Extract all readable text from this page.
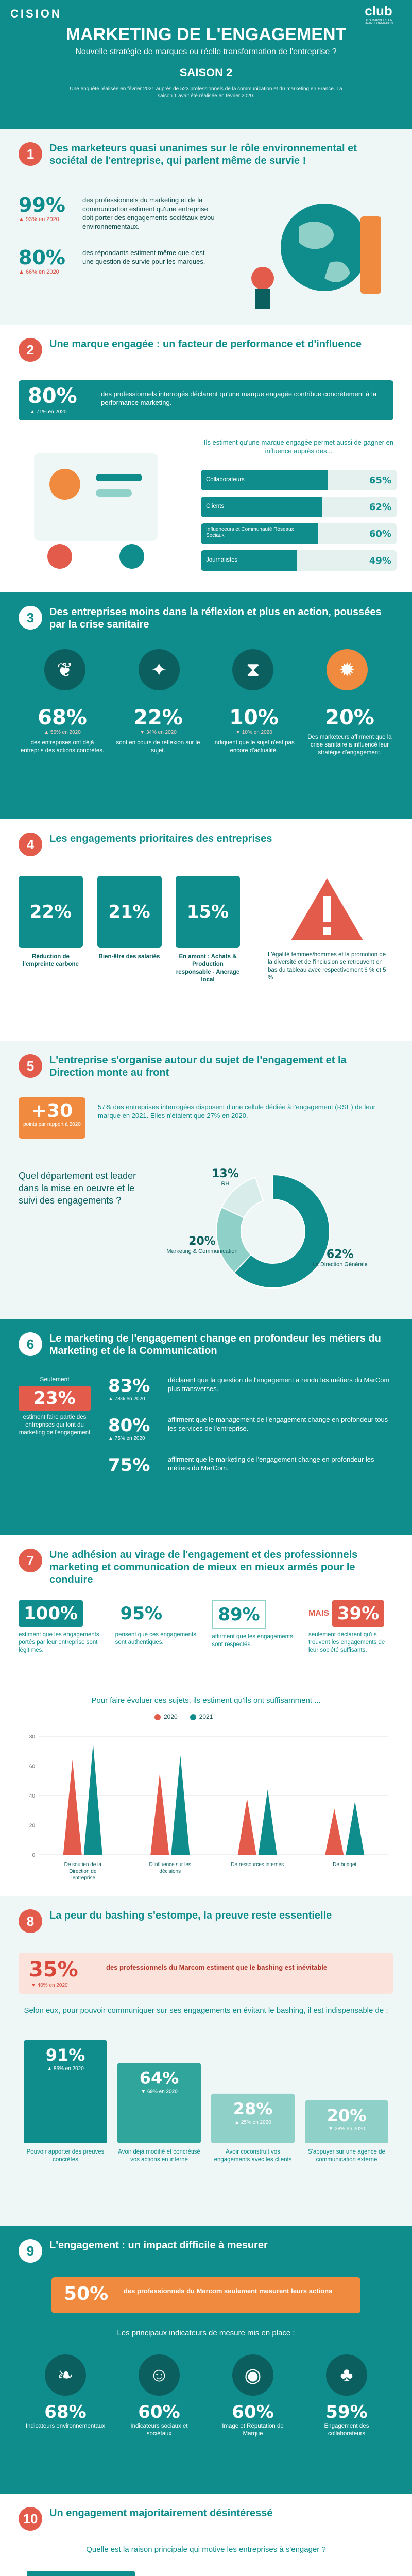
CISION	club
DES MARQUES EN TRANSFORMATION
MARKETING DE L'ENGAGEMENT
Nouvelle stratégie de marques ou réelle transformation de l'entreprise ?
SAISON 2
Une enquête réalisée en février 2021 auprès de 523 professionnels de la communication et du marketing en France. La saison 1 avait été réalisée en février 2020.
1	Des marketeurs quasi unanimes sur le rôle environnemental et sociétal de l'entreprise, qui parlent même de survie !
99%
▲ 93% en 2020
des professionnels du marketing et de la communication estiment qu'une entreprise doit porter des engagements sociétaux et/ou environnementaux.
80%
▲ 66% en 2020
des répondants estiment même que c'est une question de survie pour les marques.
2	Une marque engagée : un facteur de performance et d'influence
80%
▲ 71% en 2020
des professionnels interrogés déclarent qu'une marque engagée contribue concrètement à la performance marketing.
Ils estiment qu'une marque engagée permet aussi de gagner en influence auprès des...
Collaborateurs	65%
Clients	62%
Influenceurs et Communauté Réseaux Sociaux	60%
Journalistes	49%
3	Des entreprises moins dans la réflexion et plus en action, poussées par la crise sanitaire
❦	✦	⧗	✹
68%
▲ 56% en 2020
des entreprises ont déjà entrepris des actions concrètes.
22%
▼ 34% en 2020
sont en cours de réflexion sur le sujet.
10%
▼ 10% en 2020
indiquent que le sujet n'est pas encore d'actualité.
20%
Des marketeurs affirment que la crise sanitaire a influencé leur stratégie d'engagement.
4	Les engagements prioritaires des entreprises
22%
Réduction de l'empreinte carbone
21%
Bien-être des salariés
15%
En amont : Achats & Production responsable - Ancrage local
L'égalité femmes/hommes et la promotion de la diversité et de l'inclusion se retrouvent en bas du tableau avec respectivement 6 % et 5 %
5	L'entreprise s'organise autour du sujet de l'engagement et la Direction monte au front
+30
points par rapport à 2020
57% des entreprises interrogées disposent d'une cellule dédiée à l'engagement (RSE) de leur marque en 2021. Elles n'étaient que 27% en 2020.
Quel département est leader dans la mise en oeuvre et le suivi des engagements ?
62%
La Direction Générale
20%
Marketing & Communication
13%
RH
6	Le marketing de l'engagement change en profondeur les métiers du Marketing et de la Communication
Seulement
23%
estiment faire partie des entreprises qui font du marketing de l'engagement
83%
▲ 78% en 2020
déclarent que la question de l'engagement a rendu les métiers du MarCom plus transverses.
80%
▲ 75% en 2020
affirment que le management de l'engagement change en profondeur tous les services de l'entreprise.
75%	affirment que le marketing de l'engagement change en profondeur les métiers du MarCom.
7	Une adhésion au virage de l'engagement et des professionnels marketing et communication de mieux en mieux armés pour le conduire
100%
estiment que les engagements portés par leur entreprise sont légitimes.
95%
pensent que ces engagements sont authentiques.
89%
affirment que les engagements sont respectés.
MAIS 39%
seulement déclarent qu'ils trouvent les engagements de leur société suffisants.
Pour faire évoluer ces sujets, ils estiment qu'ils ont suffisamment ...
2020	2021
0
20
40
60
80
De soutien de la Direction de l'entreprise
D'influence sur les décisions
De ressources internes	De budget
8	La peur du bashing s'estompe, la preuve reste essentielle
35%
▼ 40% en 2020
des professionnels du Marcom estiment que le bashing est inévitable
Selon eux, pour pouvoir communiquer sur ses engagements en évitant le bashing, il est indispensable de :
91%
▲ 86% en 2020	64%
▼ 69% en 2020
28%
▲ 25% en 2020	20%
▼ 28% en 2020
Pouvoir apporter des preuves concrètes
Avoir déjà modifié et concrétisé vos actions en interne
Avoir coconstruit vos engagements avec les clients
S'appuyer sur une agence de communication externe
9	L'engagement : un impact difficile à mesurer
50% des professionnels du Marcom seulement mesurent leurs actions
Les principaux indicateurs de mesure mis en place :
❧
68%
Indicateurs environnementaux
☺
60%
Indicateurs sociaux et sociétaux
◉
60%
Image et Réputation de Marque
♣
59%
Engagement des collaborateurs
10	Un engagement majoritairement désintéressé
Quelle est la raison principale qui motive les entreprises à s'engager ?
